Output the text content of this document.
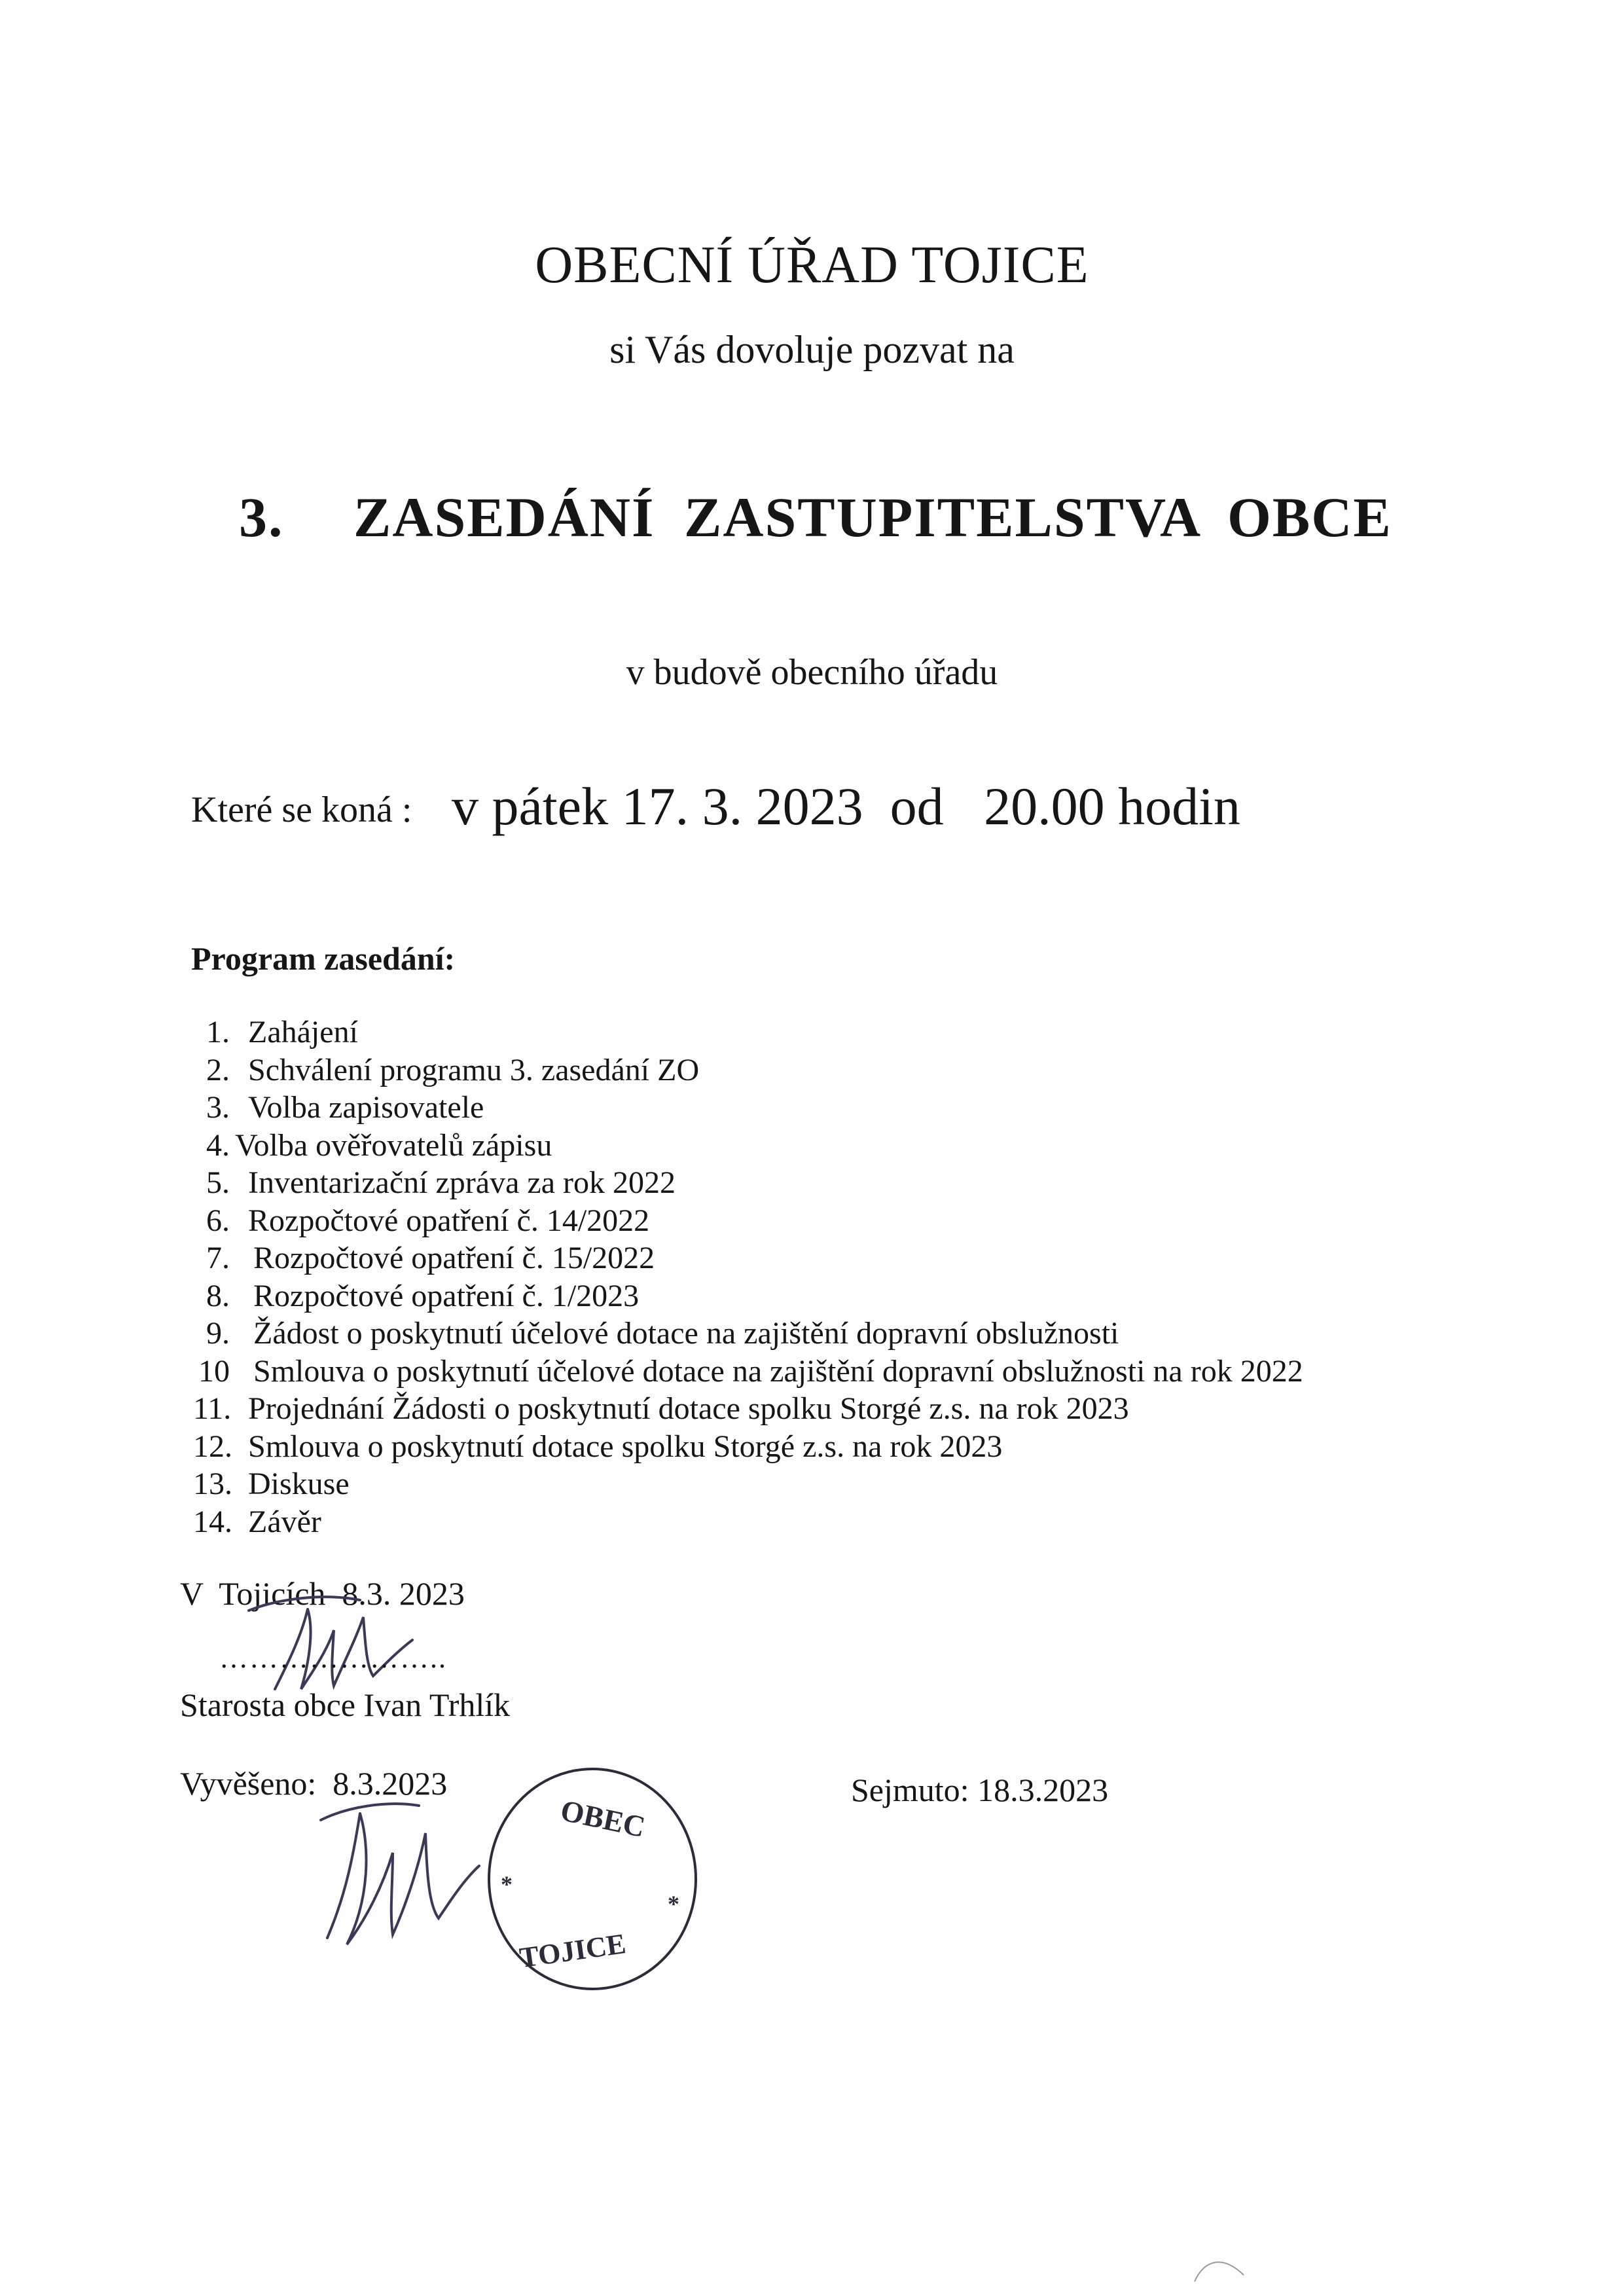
OBECNÍ ÚŘAD TOJICE
si Vás dovoluje pozvat na
3. ZASEDÁNÍ ZASTUPITELSTVA OBCE
v budově obecního úřadu
Které se koná : v pátek 17. 3. 2023  od   20.00 hodin
Program zasedání:
1. Zahájení
2. Schválení programu 3. zasedání ZO
3. Volba zapisovatele
4. Volba ověřovatelů zápisu
5. Inventarizační zpráva za rok 2022
6. Rozpočtové opatření č. 14/2022
7. Rozpočtové opatření č. 15/2022
8. Rozpočtové opatření č. 1/2023
9. Žádost o poskytnutí účelové dotace na zajištění dopravní obslužnosti
10 Smlouva o poskytnutí účelové dotace na zajištění dopravní obslužnosti na rok 2022
11. Projednání Žádosti o poskytnutí dotace spolku Storgé z.s. na rok 2023
12. Smlouva o poskytnutí dotace spolku Storgé z.s. na rok 2023
13. Diskuse
14. Závěr
V  Tojicích  8.3. 2023
…………………..
Starosta obce Ivan Trhlík
Vyvěšeno:  8.3.2023	Sejmuto: 18.3.2023
OBEC
*
*
TOJICE
